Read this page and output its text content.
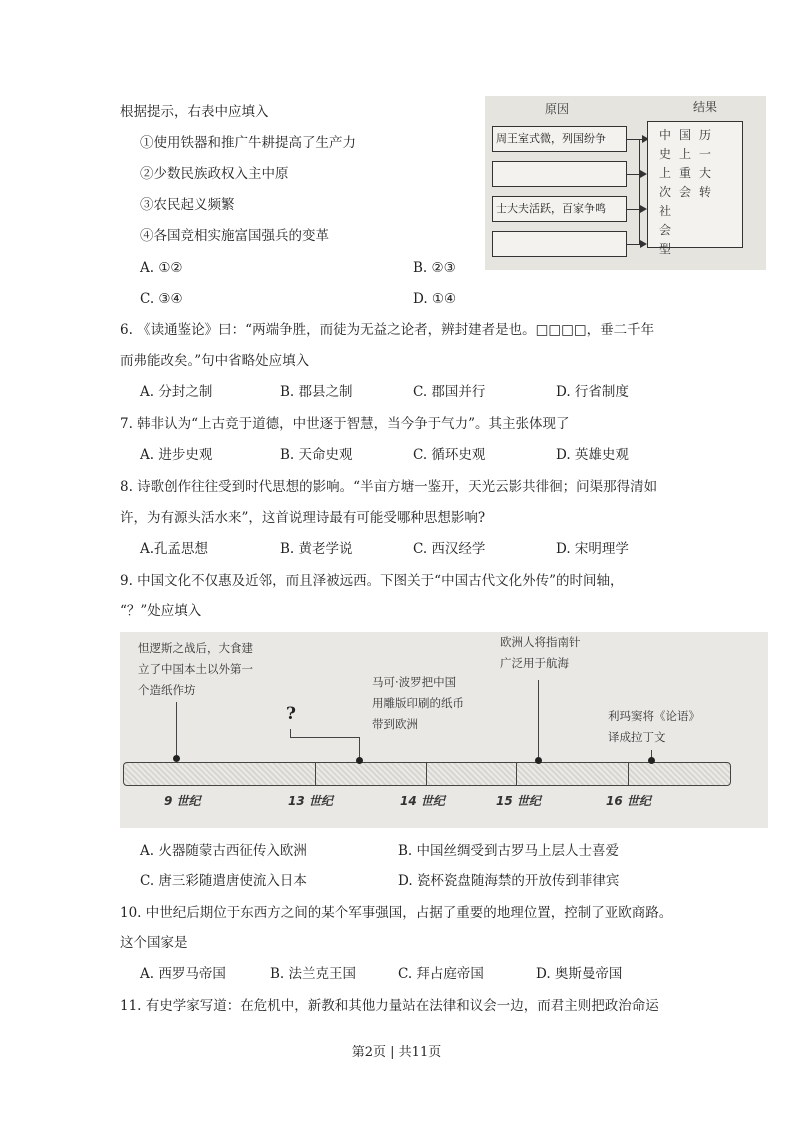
根据提示，右表中应填入
①使用铁器和推广牛耕提高了生产力
②少数民族政权入主中原
③农民起义频繁
④各国竞相实施富国强兵的变革
A. ①②	B. ②③
C. ③④	D. ①④
原因	结果
周王室式微，列国纷争
士大夫活跃，百家争鸣
中史上次社会型
国上重会
历一大转
6. 《读通鉴论》曰：“两端争胜，而徒为无益之论者，辨封建者是也。□□□□，垂二千年
而弗能改矣。”句中省略处应填入
A. 分封之制	B. 郡县之制	C. 郡国并行	D. 行省制度
7. 韩非认为“上古竞于道德，中世逐于智慧，当今争于气力”。其主张体现了
A. 进步史观	B. 天命史观	C. 循环史观	D. 英雄史观
8. 诗歌创作往往受到时代思想的影响。“半亩方塘一鉴开，天光云影共徘徊；问渠那得清如
许，为有源头活水来”，这首说理诗最有可能受哪种思想影响?
A.孔孟思想	B. 黄老学说	C. 西汉经学	D. 宋明理学
9. 中国文化不仅惠及近邻，而且泽被远西。下图关于“中国古代文化外传”的时间轴，
“？”处应填入
怛逻斯之战后，大食建
立了中国本土以外第一
个造纸作坊
马可·波罗把中国
用雕版印刷的纸币
带到欧洲
欧洲人将指南针
广泛用于航海
利玛窦将《论语》
译成拉丁文
?
9 世纪	13 世纪	14 世纪	15 世纪	16 世纪
A. 火器随蒙古西征传入欧洲	B. 中国丝绸受到古罗马上层人士喜爱
C. 唐三彩随遣唐使流入日本	D. 瓷杯瓷盘随海禁的开放传到菲律宾
10. 中世纪后期位于东西方之间的某个军事强国，占据了重要的地理位置，控制了亚欧商路。
这个国家是
A. 西罗马帝国	B. 法兰克王国	C. 拜占庭帝国	D. 奥斯曼帝国
11. 有史学家写道：在危机中，新教和其他力量站在法律和议会一边，而君主则把政治命运
第2页 | 共11页
